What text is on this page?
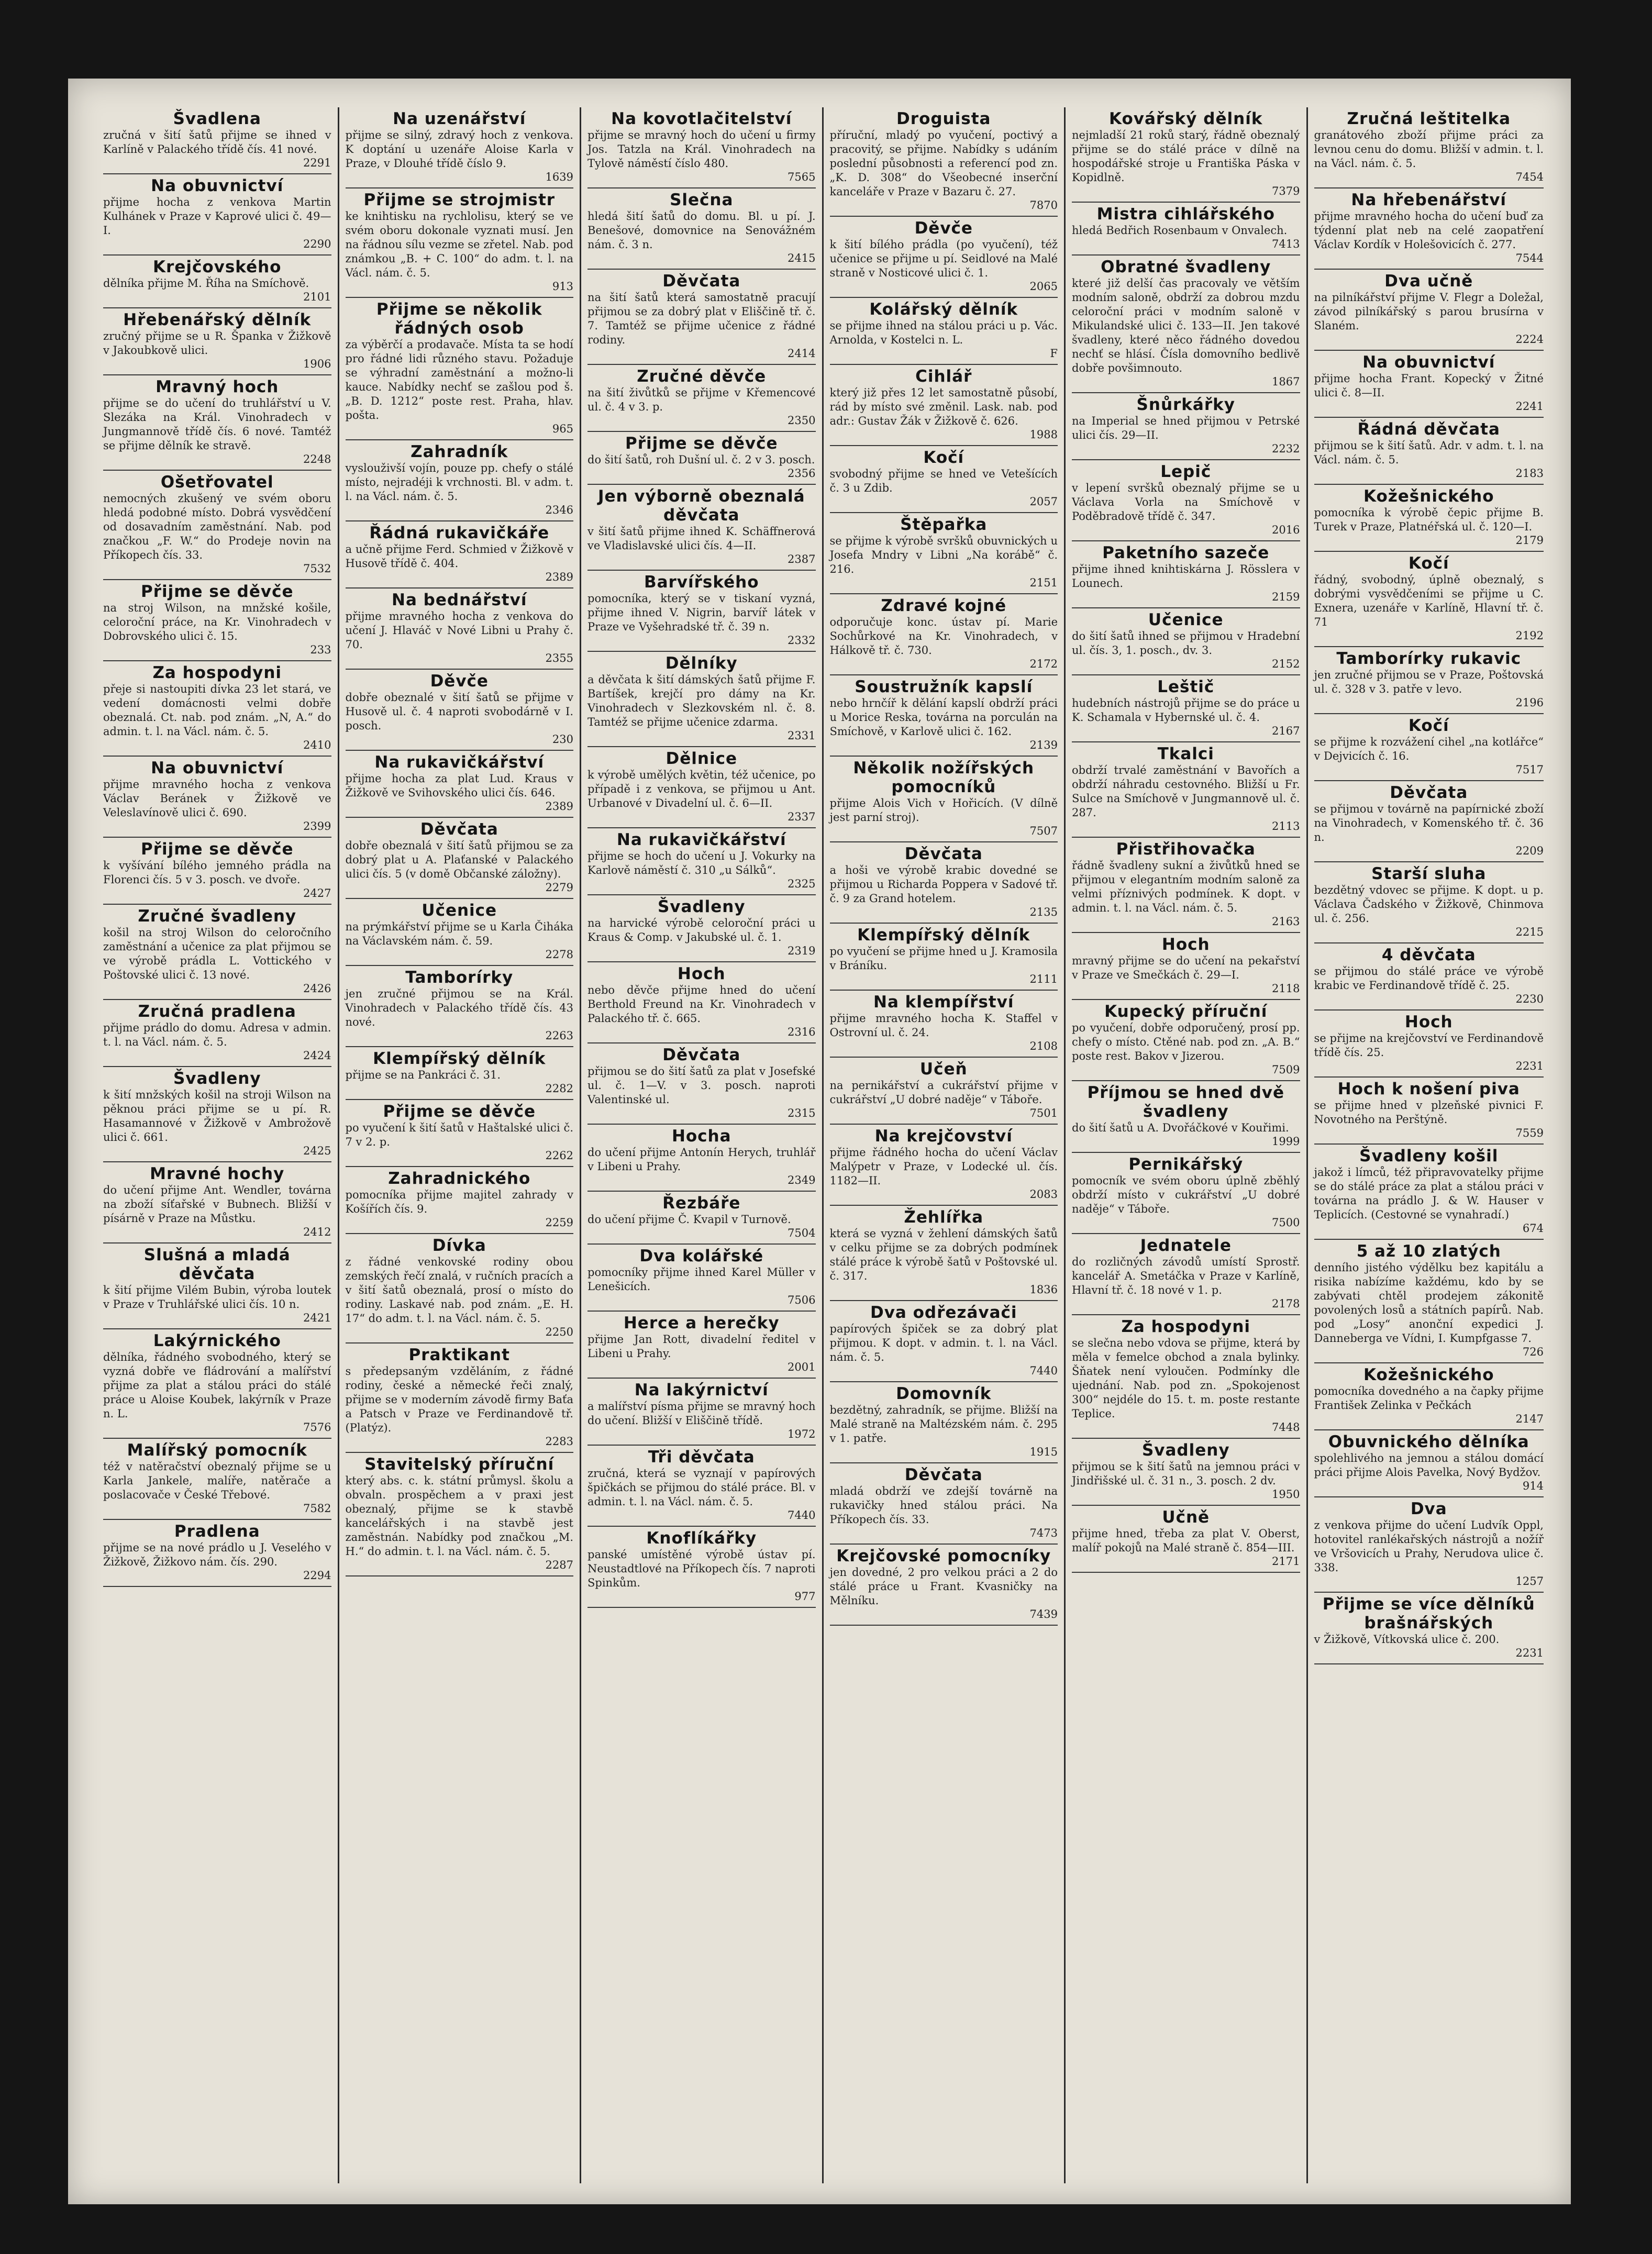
Švadlena
zručná v šití šatů přijme se ihned v Karlíně v Palackého třídě čís. 41 nové.
2291
Na obuvnictví
přijme hocha z venkova Martin Kulhánek v Praze v Kaprové ulici č. 49—I.
2290
Krejčovského
dělníka přijme M. Říha na Smíchově.
2101
Hřebenářský dělník
zručný přijme se u R. Španka v Žižkově v Jakoubkově ulici.
1906
Mravný hoch
přijme se do učení do truhlářství u V. Slezáka na Král. Vinohradech v Jungmannově třídě čís. 6 nové. Tamtéž se přijme dělník ke stravě.
2248
Ošetřovatel
nemocných zkušený ve svém oboru hledá podobné místo. Dobrá vysvědčení od dosavadním zaměstnání. Nab. pod značkou „F. W.“ do Prodeje novin na Příkopech čís. 33.
7532
Přijme se děvče
na stroj Wilson, na mnžské košile, celoroční práce, na Kr. Vinohradech v Dobrovského ulici č. 15.
233
Za hospodyni
přeje si nastoupiti dívka 23 let stará, ve vedení domácnosti velmi dobře obeznalá. Ct. nab. pod znám. „N, A.“ do admin. t. l. na Václ. nám. č. 5.
2410
Na obuvnictví
přijme mravného hocha z venkova Václav Beránek v Žižkově ve Veleslavínově ulici č. 690.
2399
Přijme se děvče
k vyšívání bílého jemného prádla na Florenci čís. 5 v 3. posch. ve dvoře.
2427
Zručné švadleny
košil na stroj Wilson do celoročního zaměstnání a učenice za plat přijmou se ve výrobě prádla L. Vottického v Poštovské ulici č. 13 nové.
2426
Zručná pradlena
přijme prádlo do domu. Adresa v admin. t. l. na Václ. nám. č. 5.
2424
Švadleny
k šití mnžských košil na stroji Wilson na pěknou práci přijme se u pí. R. Hasamannové v Žižkově v Ambrožově ulici č. 661.
2425
Mravné hochy
do učení přijme Ant. Wendler, továrna na zboží síťařské v Bubnech. Bližší v písárně v Praze na Můstku.
2412
Slušná a mladá děvčata
k šití přijme Vilém Bubin, výroba loutek v Praze v Truhlářské ulici čís. 10 n.
2421
Lakýrnického
dělníka, řádného svobodného, který se vyzná dobře ve fládrování a malířství přijme za plat a stálou práci do stálé práce u Aloise Koubek, lakýrník v Praze n. L.
7576
Malířský pomocník
též v natěračství obeznalý přijme se u Karla Jankele, malíře, natěrače a poslacovače v České Třebové.
7582
Pradlena
přijme se na nové prádlo u J. Veselého v Žižkově, Žižkovo nám. čís. 290.
2294
Na uzenářství
přijme se silný, zdravý hoch z venkova. K doptání u uzenáře Aloise Karla v Praze, v Dlouhé třídě číslo 9.
1639
Přijme se strojmistr
ke knihtisku na rychlolisu, který se ve svém oboru dokonale vyznati musí. Jen na řádnou sílu vezme se zřetel. Nab. pod známkou „B. + C. 100“ do adm. t. l. na Václ. nám. č. 5.
913
Přijme se několik řádných osob
za výběrčí a prodavače. Místa ta se hodí pro řádné lidi různého stavu. Požaduje se výhradní zaměstnání a možno-li kauce. Nabídky nechť se zašlou pod š. „B. D. 1212“ poste rest. Praha, hlav. pošta.
965
Zahradník
vyslouživší vojín, pouze pp. chefy o stálé místo, nejradéji k vrchnosti. Bl. v adm. t. l. na Václ. nám. č. 5.
2346
Řádná rukavičkáře
a učně přijme Ferd. Schmied v Žižkově v Husově třídě č. 404.
2389
Na bednářství
přijme mravného hocha z venkova do učení J. Hlaváč v Nové Libni u Prahy č. 70.
2355
Děvče
dobře obeznalé v šití šatů se přijme v Husově ul. č. 4 naproti svobodárně v I. posch.
230
Na rukavičkářství
přijme hocha za plat Lud. Kraus v Žižkově ve Svihovského ulici čís. 646.
2389
Děvčata
dobře obeznalá v šití šatů přijmou se za dobrý plat u A. Plaťanské v Palackého ulici čís. 5 (v domě Občanské záložny).
2279
Učenice
na prýmkářství přijme se u Karla Čiháka na Václavském nám. č. 59.
2278
Tamborírky
jen zručné přijmou se na Král. Vinohradech v Palackého třídě čís. 43 nové.
2263
Klempířský dělník
přijme se na Pankráci č. 31.
2282
Přijme se děvče
po vyučení k šití šatů v Haštalské ulici č. 7 v 2. p.
2262
Zahradnického
pomocníka přijme majitel zahrady v Košířích čís. 9.
2259
Dívka
z řádné venkovské rodiny obou zemských řečí znalá, v ručních pracích a v šití šatů obeznalá, prosí o místo do rodiny. Laskavé nab. pod znám. „E. H. 17“ do adm. t. l. na Václ. nám. č. 5.
2250
Praktikant
s předepsaným vzděláním, z řádné rodiny, české a německé řeči znalý, přijme se v moderním závodě firmy Baťa a Patsch v Praze ve Ferdinandově tř. (Platýz).
2283
Stavitelský příruční
který abs. c. k. státní průmysl. školu a obvaln. prospěchem a v praxi jest obeznalý, přijme se k stavbě kancelářských i na stavbě jest zaměstnán. Nabídky pod značkou „M. H.“ do admin. t. l. na Václ. nám. č. 5.
2287
Na kovotlačitelství
přijme se mravný hoch do učení u firmy Jos. Tatzla na Král. Vinohradech na Tylově náměstí číslo 480.
7565
Slečna
hledá šití šatů do domu. Bl. u pí. J. Benešové, domovnice na Senovážném nám. č. 3 n.
2415
Děvčata
na šití šatů která samostatně pracují přijmou se za dobrý plat v Eliščině tř. č. 7. Tamtéž se přijme učenice z řádné rodiny.
2414
Zručné děvče
na šití živůtků se přijme v Křemencové ul. č. 4 v 3. p.
2350
Přijme se děvče
do šití šatů, roh Dušní ul. č. 2 v 3. posch.
2356
Jen výborně obeznalá děvčata
v šití šatů přijme ihned K. Schäffnerová ve Vladislavské ulici čís. 4—II.
2387
Barvířského
pomocníka, který se v tiskaní vyzná, přijme ihned V. Nigrin, barvíř látek v Praze ve Vyšehradské tř. č. 39 n.
2332
Dělníky
a děvčata k šití dámských šatů přijme F. Bartíšek, krejčí pro dámy na Kr. Vinohradech v Slezkovském nl. č. 8. Tamtéž se přijme učenice zdarma.
2331
Dělnice
k výrobě umělých květin, též učenice, po případě i z venkova, se přijmou u Ant. Urbanové v Divadelní ul. č. 6—II.
2337
Na rukavičkářství
přijme se hoch do učení u J. Vokurky na Karlově náměstí č. 310 „u Sálků“.
2325
Švadleny
na harvické výrobě celoroční práci u Kraus & Comp. v Jakubské ul. č. 1.
2319
Hoch
nebo děvče přijme hned do učení Berthold Freund na Kr. Vinohradech v Palackého tř. č. 665.
2316
Děvčata
přijmou se do šití šatů za plat v Josefské ul. č. 1—V. v 3. posch. naproti Valentinské ul.
2315
Hocha
do učení přijme Antonín Herych, truhlář v Libeni u Prahy.
2349
Řezbáře
do učení přijme Č. Kvapil v Turnově.
7504
Dva kolářské
pomocníky přijme ihned Karel Müller v Lenešicích.
7506
Herce a herečky
přijme Jan Rott, divadelní ředitel v Libeni u Prahy.
2001
Na lakýrnictví
a malířství písma přijme se mravný hoch do učení. Bližší v Eliščině třídě.
1972
Tři děvčata
zručná, která se vyznají v papírových špičkách se přijmou do stálé práce. Bl. v admin. t. l. na Václ. nám. č. 5.
7440
Knoflíkářky
panské umístěné výrobě ústav pí. Neustadtlové na Příkopech čís. 7 naproti Spinkům.
977
Droguista
příruční, mladý po vyučení, poctivý a pracovitý, se přijme. Nabídky s udáním poslední působnosti a referencí pod zn. „K. D. 308“ do Všeobecné inserční kanceláře v Praze v Bazaru č. 27.
7870
Děvče
k šití bílého prádla (po vyučení), též učenice se přijme u pí. Seidlové na Malé straně v Nosticové ulici č. 1.
2065
Kolářský dělník
se přijme ihned na stálou práci u p. Vác. Arnolda, v Kostelci n. L.
F
Cihlář
který již přes 12 let samostatně působí, rád by místo své změnil. Lask. nab. pod adr.: Gustav Žák v Žižkově č. 626.
1988
Kočí
svobodný přijme se hned ve Vetešících č. 3 u Zdib.
2057
Štěpařka
se přijme k výrobě svršků obuvnických u Josefa Mndry v Libni „Na korábě“ č. 216.
2151
Zdravé kojné
odporučuje konc. ústav pí. Marie Sochůrkové na Kr. Vinohradech, v Hálkově tř. č. 730.
2172
Soustružník kapslí
nebo hrnčíř k dělání kapslí obdrží práci u Morice Reska, továrna na porculán na Smíchově, v Karlově ulici č. 162.
2139
Několik nožířských pomocníků
přijme Alois Vich v Hořicích. (V dílně jest parní stroj).
7507
Děvčata
a hoši ve výrobě krabic dovedné se přijmou u Richarda Poppera v Sadové tř. č. 9 za Grand hotelem.
2135
Klempířský dělník
po vyučení se přijme hned u J. Kramosila v Bráníku.
2111
Na klempířství
přijme mravného hocha K. Staffel v Ostrovní ul. č. 24.
2108
Učeň
na pernikářství a cukrářství přijme v cukrářství „U dobré naděje“ v Táboře.
7501
Na krejčovství
přijme řádného hocha do učení Václav Malýpetr v Praze, v Lodecké ul. čís. 1182—II.
2083
Žehlířka
která se vyzná v žehlení dámských šatů v celku přijme se za dobrých podmínek stálé práce k výrobě šatů v Poštovské ul. č. 317.
1836
Dva odřezávači
papírových špiček se za dobrý plat přijmou. K dopt. v admin. t. l. na Václ. nám. č. 5.
7440
Domovník
bezdětný, zahradník, se přijme. Bližší na Malé straně na Maltézském nám. č. 295 v 1. patře.
1915
Děvčata
mladá obdrží ve zdejší továrně na rukavičky hned stálou práci. Na Příkopech čís. 33.
7473
Krejčovské pomocníky
jen dovedné, 2 pro velkou práci a 2 do stálé práce u Frant. Kvasničky na Mělníku.
7439
Kovářský dělník
nejmladší 21 roků starý, řádně obeznalý přijme se do stálé práce v dílně na hospodářské stroje u Františka Páska v Kopidlně.
7379
Mistra cihlářského
hledá Bedřich Rosenbaum v Onvalech.
7413
Obratné švadleny
které již delší čas pracovaly ve větším modním saloně, obdrží za dobrou mzdu celoroční práci v modním saloně v Mikulandské ulici č. 133—II. Jen takové švadleny, které něco řádného dovedou nechť se hlásí. Čísla domovního bedlivě dobře povšimnouto.
1867
Šnůrkářky
na Imperial se hned přijmou v Petrské ulici čís. 29—II.
2232
Lepič
v lepení svršků obeznalý přijme se u Václava Vorla na Smíchově v Poděbradově třídě č. 347.
2016
Paketního sazeče
přijme ihned knihtiskárna J. Rösslera v Lounech.
2159
Učenice
do šití šatů ihned se přijmou v Hradební ul. čís. 3, 1. posch., dv. 3.
2152
Leštič
hudebních nástrojů přijme se do práce u K. Schamala v Hybernské ul. č. 4.
2167
Tkalci
obdrží trvalé zaměstnání v Bavořích a obdrží náhradu cestovného. Bližší u Fr. Sulce na Smíchově v Jungmannově ul. č. 287.
2113
Přistřihovačka
řádně švadleny sukní a živůtků hned se přijmou v elegantním modním saloně za velmi příznivých podmínek. K dopt. v admin. t. l. na Václ. nám. č. 5.
2163
Hoch
mravný přijme se do učení na pekařství v Praze ve Smečkách č. 29—I.
2118
Kupecký příruční
po vyučení, dobře odporučený, prosí pp. chefy o místo. Ctěné nab. pod zn. „A. B.“ poste rest. Bakov v Jizerou.
7509
Příjmou se hned dvě švadleny
do šití šatů u A. Dvořáčkové v Kouřimi.
1999
Pernikářský
pomocník ve svém oboru úplně zběhlý obdrží místo v cukrářství „U dobré naděje“ v Táboře.
7500
Jednatele
do rozličných závodů umístí Sprostř. kancelář A. Smetáčka v Praze v Karlíně, Hlavní tř. č. 18 nové v 1. p.
2178
Za hospodyni
se slečna nebo vdova se přijme, která by měla v femelce obchod a znala bylinky. Šňatek není vyloučen. Podmínky dle ujednání. Nab. pod zn. „Spokojenost 300“ nejdéle do 15. t. m. poste restante Teplice.
7448
Švadleny
přijmou se k šití šatů na jemnou práci v Jindřišské ul. č. 31 n., 3. posch. 2 dv.
1950
Učně
přijme hned, třeba za plat V. Oberst, malíř pokojů na Malé straně č. 854—III.
2171
Zručná leštitelka
granátového zboží přijme práci za levnou cenu do domu. Bližší v admin. t. l. na Václ. nám. č. 5.
7454
Na hřebenářství
přijme mravného hocha do učení buď za týdenní plat neb na celé zaopatření Václav Kordík v Holešovicích č. 277.
7544
Dva učně
na pilníkářství přijme V. Flegr a Doležal, závod pilníkářský s parou brusírna v Slaném.
2224
Na obuvnictví
přijme hocha Frant. Kopecký v Žitné ulici č. 8—II.
2241
Řádná děvčata
přijmou se k šití šatů. Adr. v adm. t. l. na Václ. nám. č. 5.
2183
Kožešnického
pomocníka k výrobě čepic přijme B. Turek v Praze, Platnéřská ul. č. 120—I.
2179
Kočí
řádný, svobodný, úplně obeznalý, s dobrými vysvědčeními se přijme u C. Exnera, uzenáře v Karlíně, Hlavní tř. č. 71
2192
Tamborírky rukavic
jen zručné přijmou se v Praze, Poštovská ul. č. 328 v 3. patře v levo.
2196
Kočí
se přijme k rozvážení cihel „na kotlářce“ v Dejvicích č. 16.
7517
Děvčata
se přijmou v továrně na papírnické zboží na Vinohradech, v Komenského tř. č. 36 n.
2209
Starší sluha
bezdětný vdovec se přijme. K dopt. u p. Václava Čadského v Žižkově, Chinmova ul. č. 256.
2215
4 děvčata
se přijmou do stálé práce ve výrobě krabic ve Ferdinandově třídě č. 25.
2230
Hoch
se přijme na krejčovství ve Ferdinandově třídě čís. 25.
2231
Hoch k nošení piva
se přijme hned v plzeňské pivnici F. Novotného na Perštýně.
7559
Švadleny košil
jakož i límců, též připravovatelky přijme se do stálé práce za plat a stálou práci v továrna na prádlo J. & W. Hauser v Teplicích. (Cestovné se vynahradí.)
674
5 až 10 zlatých
denního jistého výdělku bez kapitálu a risika nabízíme každému, kdo by se zabývati chtěl prodejem zákonitě povolených losů a státních papírů. Nab. pod „Losy“ anonční expedici J. Danneberga ve Vídni, I. Kumpfgasse 7.
726
Kožešnického
pomocníka dovedného a na čapky přijme František Zelinka v Pečkách
2147
Obuvnického dělníka
spolehlivého na jemnou a stálou domácí práci přijme Alois Pavelka, Nový Bydžov.
914
Dva
z venkova přijme do učení Ludvík Oppl, hotovitel ranlékařských nástrojů a nožíř ve Vršovicích u Prahy, Nerudova ulice č. 338.
1257
Přijme se více dělníků brašnářských
v Žižkově, Vítkovská ulice č. 200.
2231
